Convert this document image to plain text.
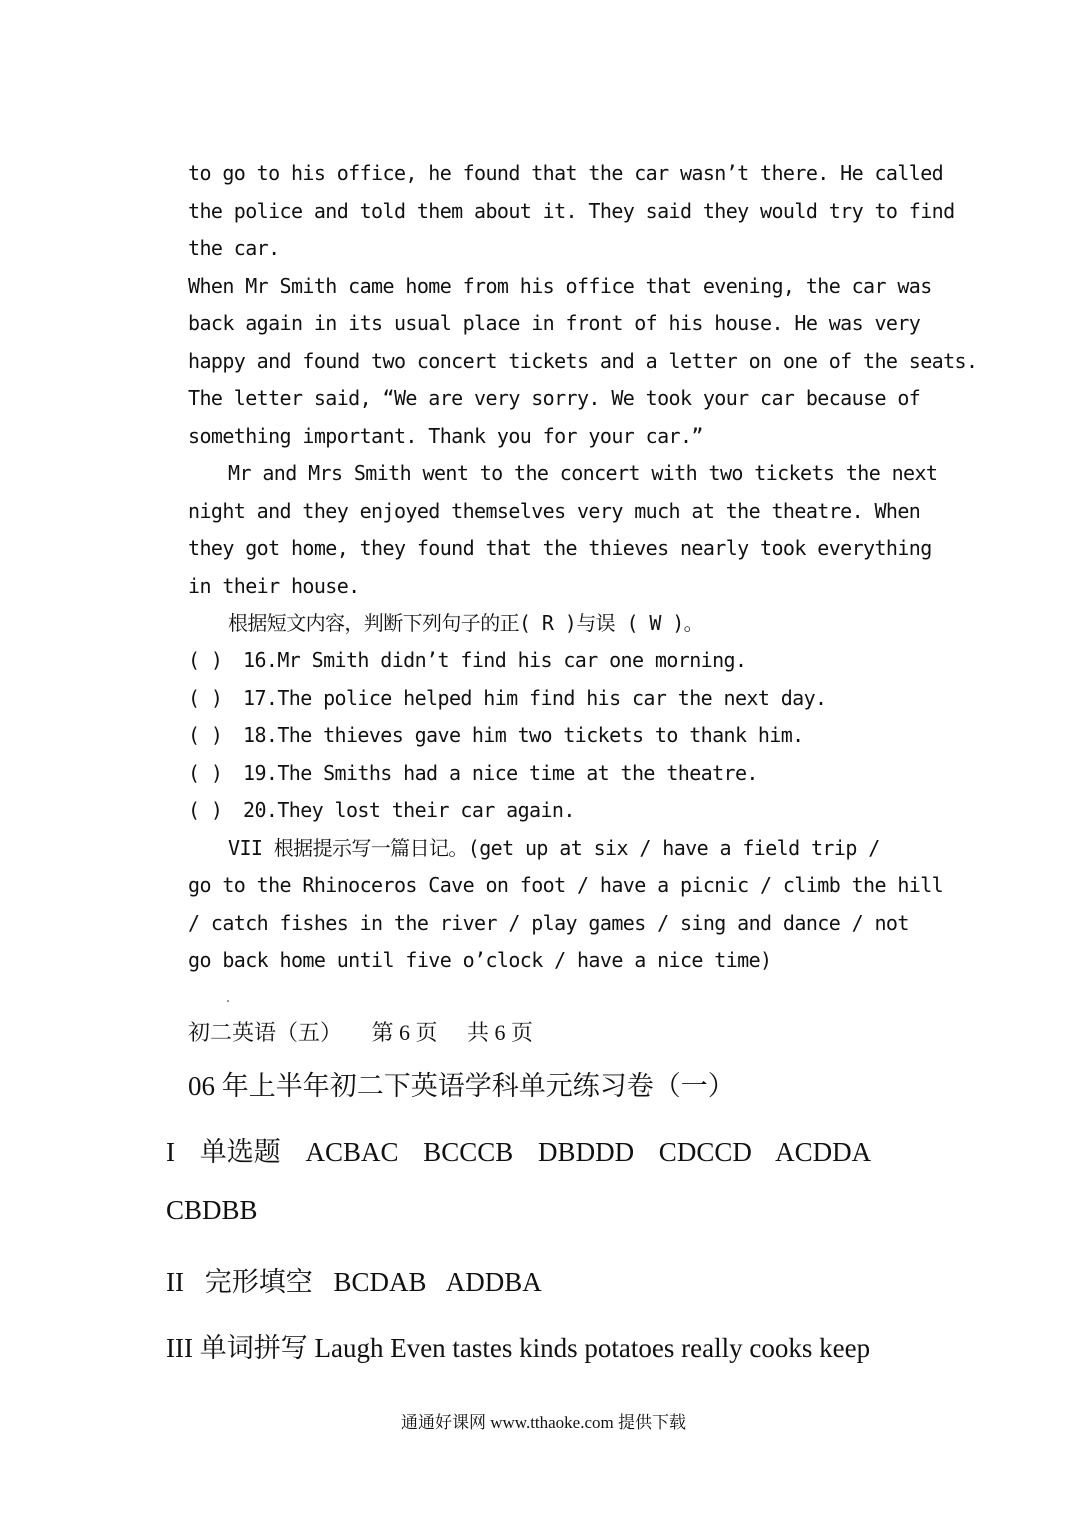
to go to his office, he found that the car wasn’t there. He called
the police and told them about it. They said they would try to find
the car.
When Mr Smith came home from his office that evening, the car was
back again in its usual place in front of his house. He was very
happy and found two concert tickets and a letter on one of the seats.
The letter said, “We are very sorry. We took your car because of
something important. Thank you for your car.”
Mr and Mrs Smith went to the concert with two tickets the next
night and they enjoyed themselves very much at the theatre. When
they got home, they found that the thieves nearly took everything
in their house.
根据短文内容，判断下列句子的正( R )与误 ( W )。
( )	16.Mr Smith didn’t find his car one morning.
( )	17.The police helped him find his car the next day.
( )	18.The thieves gave him two tickets to thank him.
( )	19.The Smiths had a nice time at the theatre.
( )	20.They lost their car again.
VII 根据提示写一篇日记。(get up at six / have a field trip /
go to the Rhinoceros Cave on foot / have a picnic / climb the hill
/ catch fishes in the river / play games / sing and dance / not
go back home until five o’clock / have a nice time)
初二英语（五） 第 6 页 共 6 页
06 年上半年初二下英语学科单元练习卷（一）
I 单选题 ACBAC BCCCB DBDDD CDCCD ACDDA
CBDBB
II 完形填空 BCDAB ADDBA
III 单词拼写 Laugh Even tastes kinds potatoes really cooks keep
通通好课网 www.tthaoke.com 提供下载
